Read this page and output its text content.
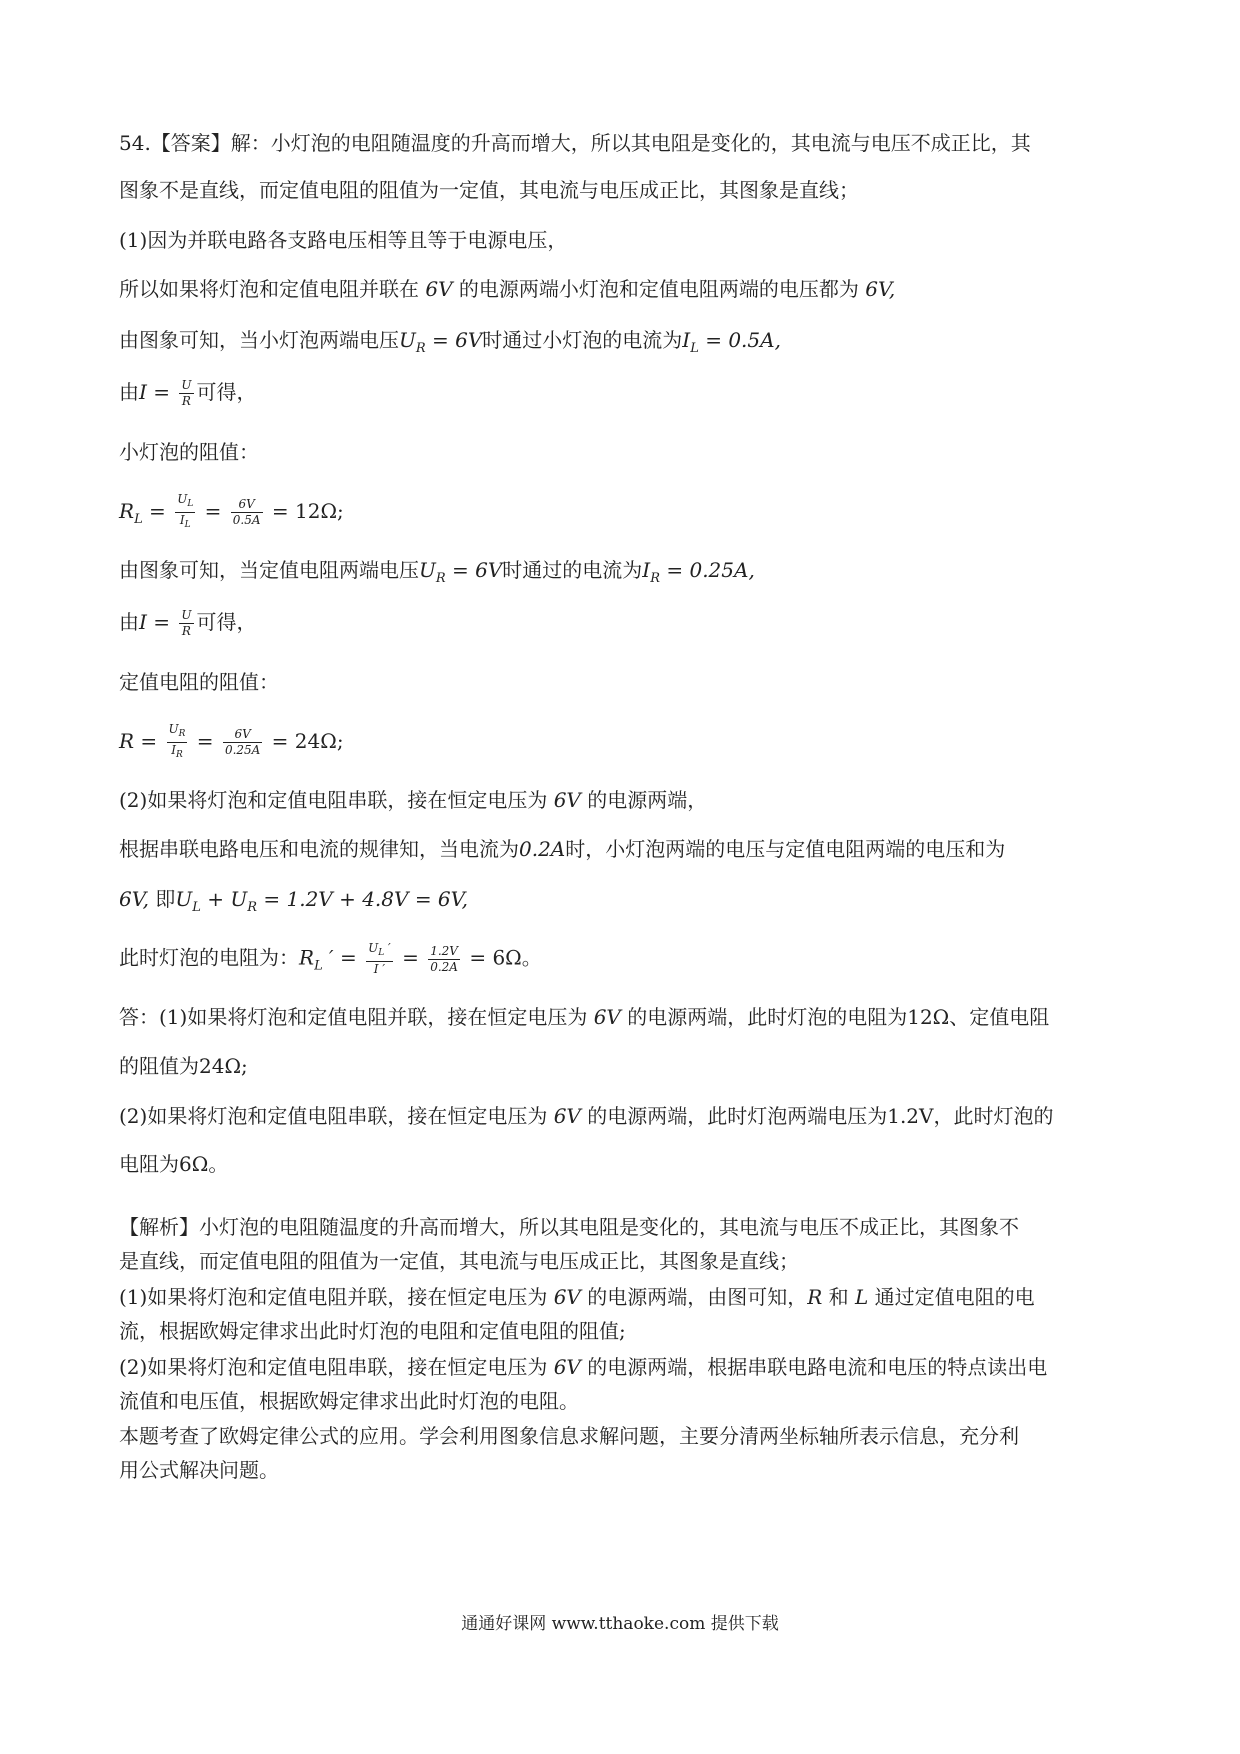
54.【答案】解：小灯泡的电阻随温度的升高而增大，所以其电阻是变化的，其电流与电压不成正比，其
图象不是直线，而定值电阻的阻值为一定值，其电流与电压成正比，其图象是直线；
(1)因为并联电路各支路电压相等且等于电源电压，
所以如果将灯泡和定值电阻并联在 6V 的电源两端小灯泡和定值电阻两端的电压都为 6V,
由图象可知，当小灯泡两端电压$U_R = 6V$时通过小灯泡的电流为$I_L = 0.5A$,
由$I = \frac{U}{R}$ 可得，
小灯泡的阻值：
$R_L = \frac{U_L}{I_L} = \frac{6V}{0.5A} = 12\Omega$;
由图象可知，当定值电阻两端电压$U_R = 6V$时通过的电流为$I_R = 0.25A$,
由$I = \frac{U}{R}$ 可得，
定值电阻的阻值：
$R = \frac{U_R}{I_R} = \frac{6V}{0.25A} = 24\Omega$;
(2)如果将灯泡和定值电阻串联，接在恒定电压为 6V 的电源两端，
根据串联电路电压和电流的规律知，当电流为0.2A时，小灯泡两端的电压与定值电阻两端的电压和为
6V, 即$U_L + U_R = 1.2V + 4.8V = 6V$,
此时灯泡的电阻为：$R_L$ ′ = $\frac{U_L '}{I '} = \frac{1.2V}{0.2A} = 6\Omega$。
答：(1)如果将灯泡和定值电阻并联，接在恒定电压为 6V 的电源两端，此时灯泡的电阻为12Ω、定值电阻
的阻值为24Ω;
(2)如果将灯泡和定值电阻串联，接在恒定电压为 6V 的电源两端，此时灯泡两端电压为1.2V，此时灯泡的
电阻为6Ω。
【解析】小灯泡的电阻随温度的升高而增大，所以其电阻是变化的，其电流与电压不成正比，其图象不
是直线，而定值电阻的阻值为一定值，其电流与电压成正比，其图象是直线；
(1)如果将灯泡和定值电阻并联，接在恒定电压为 6V 的电源两端，由图可知，R 和 L 通过定值电阻的电
流，根据欧姆定律求出此时灯泡的电阻和定值电阻的阻值;
(2)如果将灯泡和定值电阻串联，接在恒定电压为 6V 的电源两端，根据串联电路电流和电压的特点读出电
流值和电压值，根据欧姆定律求出此时灯泡的电阻。
本题考查了欧姆定律公式的应用。学会利用图象信息求解问题，主要分清两坐标轴所表示信息，充分利
用公式解决问题。
通通好课网 www.tthaoke.com 提供下载
